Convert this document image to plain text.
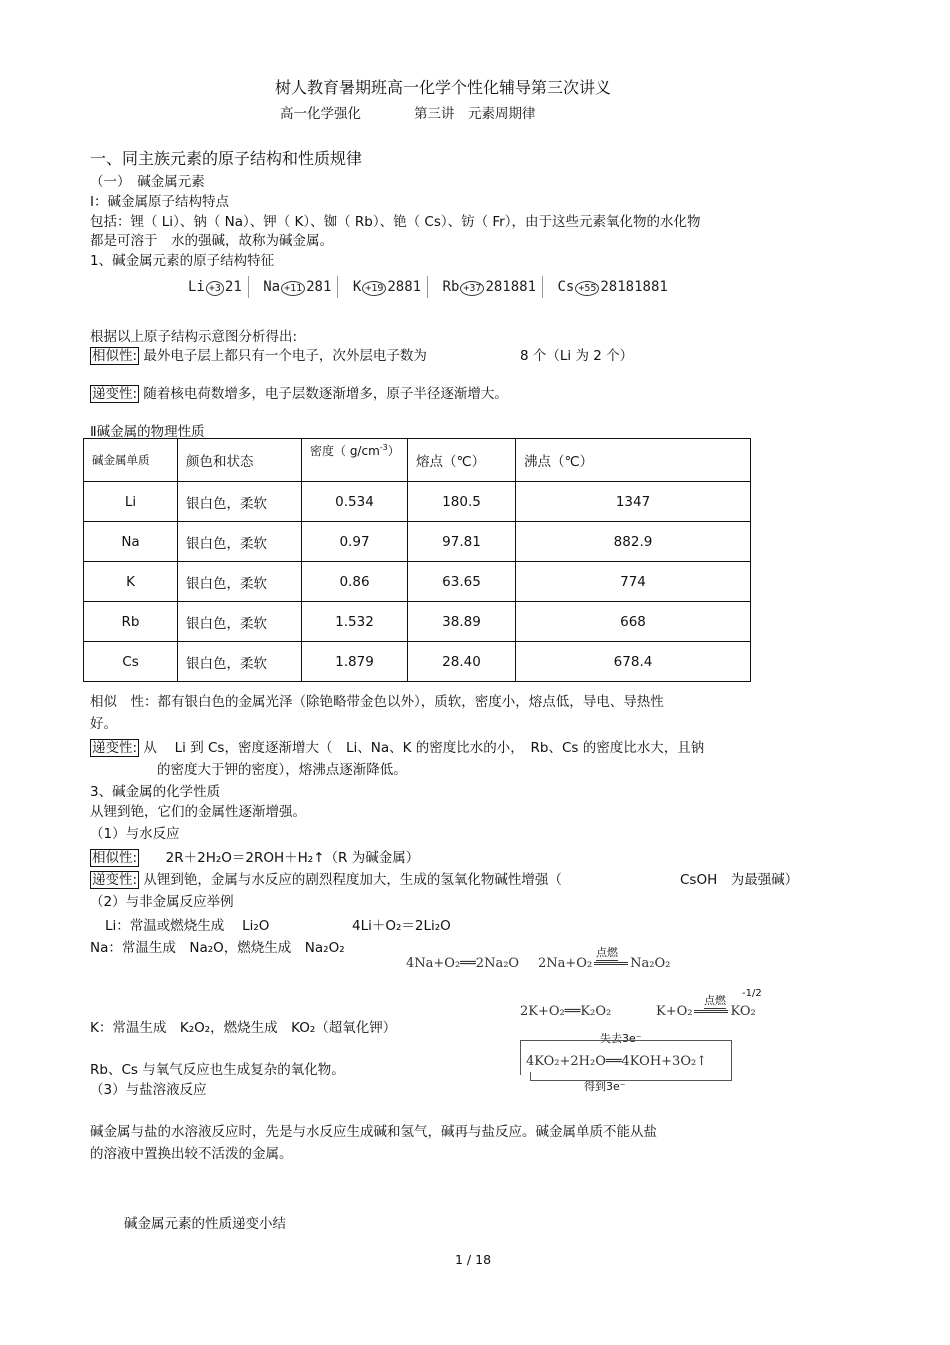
树人教育暑期班高一化学个性化辅导第三次讲义
高一化学强化	第三讲　元素周期律
一、同主族元素的原子结构和性质规律
（一）　碱金属元素
Ⅰ：碱金属原子结构特点
包括：锂（ Li）、钠（ Na）、钾（ K）、铷（ Rb）、铯（ Cs）、钫（ Fr），由于这些元素氧化物的水化物
都是可溶于　水的强碱，故称为碱金属。
1、碱金属元素的原子结构特征
Li +3 21 Na +11 281 K +19 2881 Rb +37 281881 Cs +55 28181881
根据以上原子结构示意图分析得出:
相似性: 最外电子层上都只有一个电子，次外层电子数为	8 个（Li 为 2 个）
递变性: 随着核电荷数增多，电子层数逐渐增多，原子半径逐渐增大。
Ⅱ碱金属的物理性质
碱金属单质	颜色和状态	密度（ $g/cm^{-3}$）	熔点（℃）	沸点（℃）
Li	银白色，柔软	0.534	180.5	1347
Na	银白色，柔软	0.97	97.81	882.9
K	银白色，柔软	0.86	63.65	774
Rb	银白色，柔软	1.532	38.89	668
Cs	银白色，柔软	1.879	28.40	678.4
相似　性：都有银白色的金属光泽（除铯略带金色以外），质软，密度小，熔点低，导电、导热性
好。
递变性: 从　 Li 到 Cs，密度逐渐增大（　Li、Na、K 的密度比水的小，　Rb、Cs 的密度比水大，且钠
的密度大于钾的密度），熔沸点逐渐降低。
3、碱金属的化学性质
从锂到铯，它们的金属性逐渐增强。
（1）与水反应
相似性: 2R＋2H₂O＝2ROH＋H₂↑（R 为碱金属）
递变性: 从锂到铯，金属与水反应的剧烈程度加大，生成的氢氧化物碱性增强（	CsOH　为最强碱）
（2）与非金属反应举例
Li：常温或燃烧生成　 Li₂O	4Li＋O₂＝2Li₂O
Na：常温生成　Na₂O，燃烧生成　Na₂O₂
4Na+O₂══2Na₂O 2Na+O₂	Na₂O₂
点燃
2K+O₂══K₂O₂	K+O₂	KO₂
点燃
-1/2
K：常温生成　K₂O₂，燃烧生成　KO₂（超氧化钾）
失去3e⁻
4KO₂+2H₂O══4KOH+3O₂↑
得到3e⁻
Rb、Cs 与氧气反应也生成复杂的氧化物。
（3）与盐溶液反应
碱金属与盐的水溶液反应时，先是与水反应生成碱和氢气，碱再与盐反应。碱金属单质不能从盐
的溶液中置换出较不活泼的金属。
碱金属元素的性质递变小结
1 / 18
